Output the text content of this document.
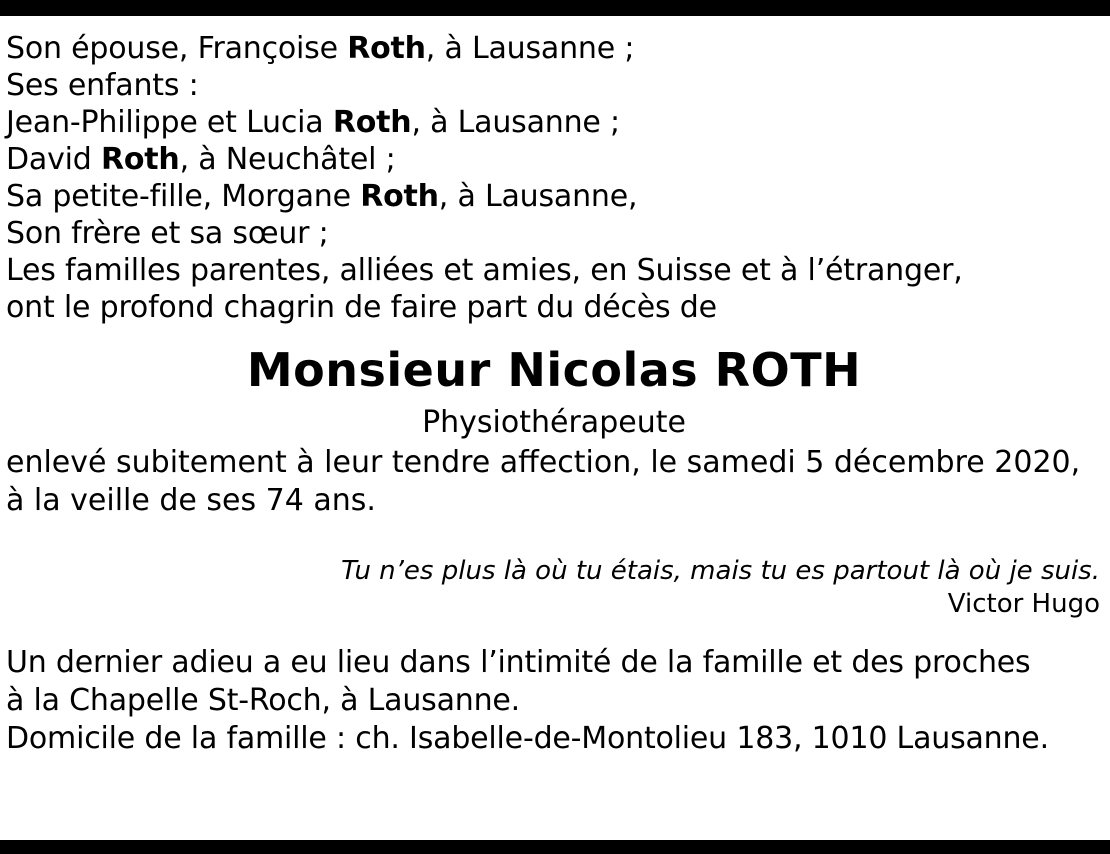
Son épouse, Françoise Roth, à Lausanne ;
Ses enfants :
Jean-Philippe et Lucia Roth, à Lausanne ;
David Roth, à Neuchâtel ;
Sa petite-fille, Morgane Roth, à Lausanne,
Son frère et sa sœur ;
Les familles parentes, alliées et amies, en Suisse et à l’étranger,
ont le profond chagrin de faire part du décès de
Monsieur Nicolas ROTH
Physiothérapeute
enlevé subitement à leur tendre affection, le samedi 5 décembre 2020,
à la veille de ses 74 ans.
Tu n’es plus là où tu étais, mais tu es partout là où je suis.
Victor Hugo
Un dernier adieu a eu lieu dans l’intimité de la famille et des proches
à la Chapelle St-Roch, à Lausanne.
Domicile de la famille : ch. Isabelle-de-Montolieu 183, 1010 Lausanne.
